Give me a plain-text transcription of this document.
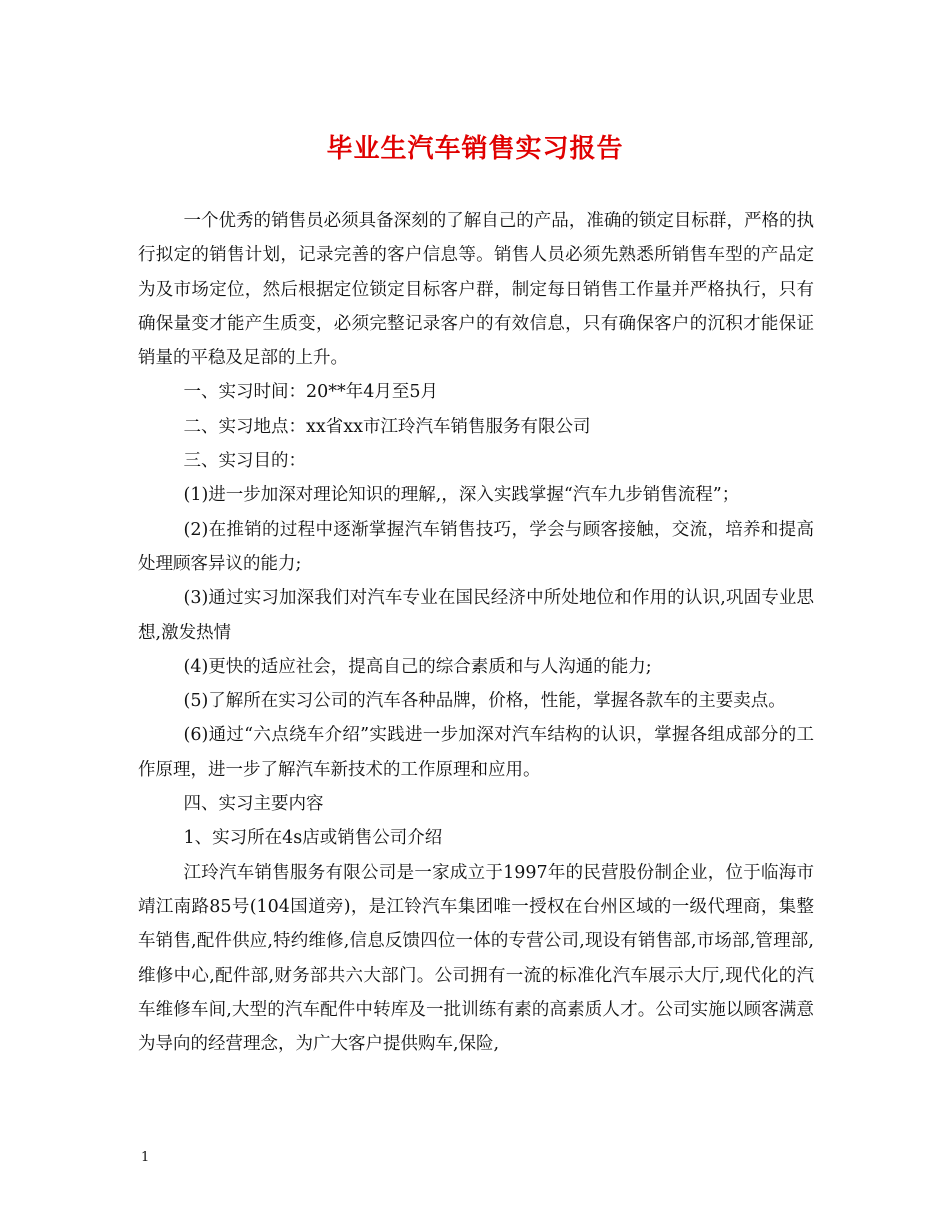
毕业生汽车销售实习报告

一个优秀的销售员必须具备深刻的了解自己的产品，准确的锁定目标群，严格的执行拟定的销售计划，记录完善的客户信息等。销售人员必须先熟悉所销售车型的产品定为及市场定位，然后根据定位锁定目标客户群，制定每日销售工作量并严格执行，只有确保量变才能产生质变，必须完整记录客户的有效信息，只有确保客户的沉积才能保证销量的平稳及足部的上升。

一、实习时间：20**年4月至5月

二、实习地点：xx省xx市江玲汽车销售服务有限公司

三、实习目的：

(1)进一步加深对理论知识的理解,，深入实践掌握“汽车九步销售流程”；

(2)在推销的过程中逐渐掌握汽车销售技巧，学会与顾客接触，交流，培养和提高处理顾客异议的能力;

(3)通过实习加深我们对汽车专业在国民经济中所处地位和作用的认识,巩固专业思想,激发热情

(4)更快的适应社会，提高自己的综合素质和与人沟通的能力;

(5)了解所在实习公司的汽车各种品牌，价格，性能，掌握各款车的主要卖点。

(6)通过“六点绕车介绍”实践进一步加深对汽车结构的认识，掌握各组成部分的工作原理，进一步了解汽车新技术的工作原理和应用。

四、实习主要内容

1、实习所在4s店或销售公司介绍

江玲汽车销售服务有限公司是一家成立于1997年的民营股份制企业，位于临海市靖江南路85号(104国道旁)，是江铃汽车集团唯一授权在台州区域的一级代理商，集整车销售,配件供应,特约维修,信息反馈四位一体的专营公司,现设有销售部,市场部,管理部,维修中心,配件部,财务部共六大部门。公司拥有一流的标准化汽车展示大厅,现代化的汽车维修车间,大型的汽车配件中转库及一批训练有素的高素质人才。公司实施以顾客满意为导向的经营理念，为广大客户提供购车,保险,

1
